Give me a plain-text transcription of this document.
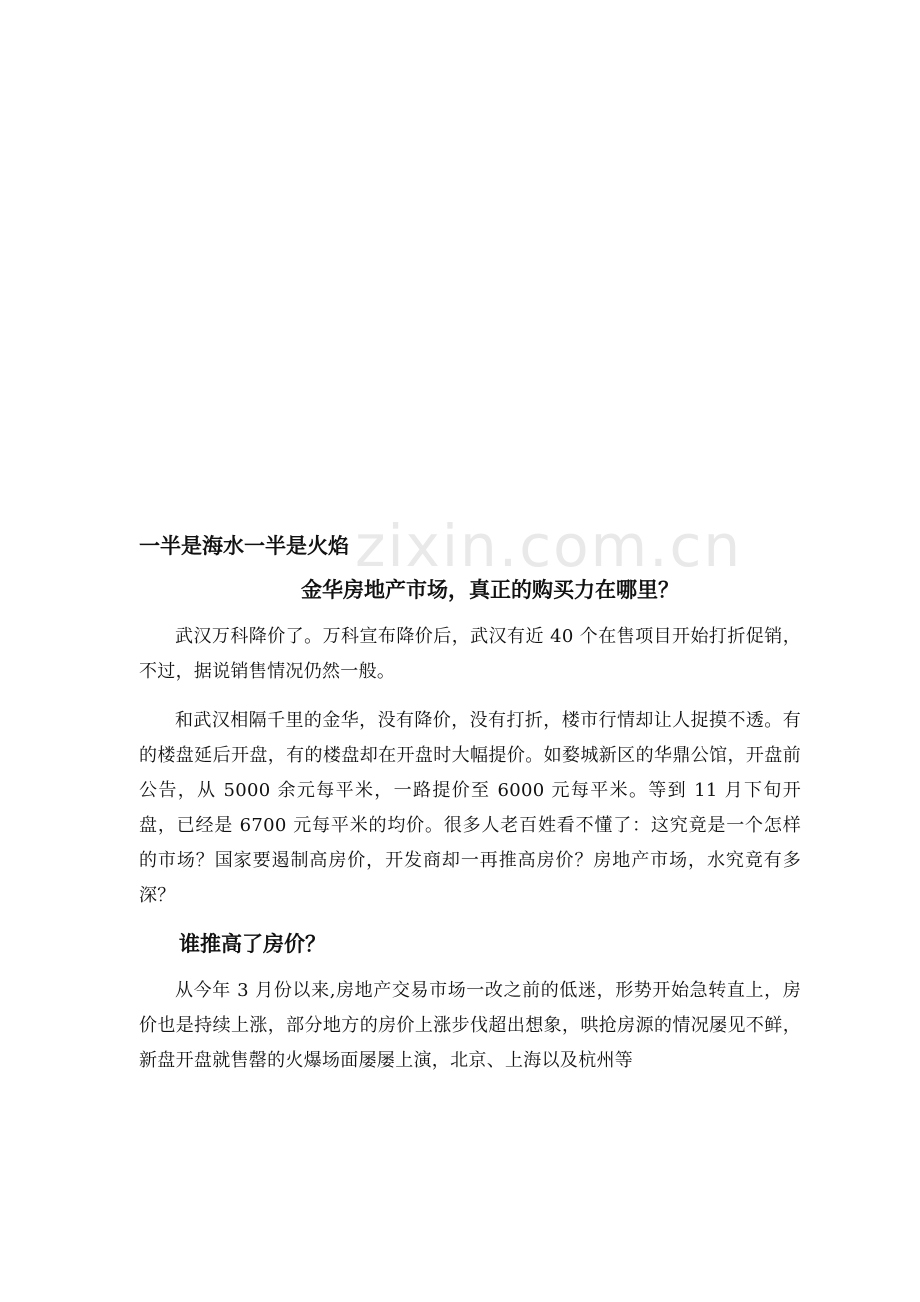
zixin.com.cn
一半是海水一半是火焰
金华房地产市场，真正的购买力在哪里？

武汉万科降价了。万科宣布降价后，武汉有近 40 个在售项目开始打折促销，不过，据说销售情况仍然一般。

和武汉相隔千里的金华，没有降价，没有打折，楼市行情却让人捉摸不透。有的楼盘延后开盘，有的楼盘却在开盘时大幅提价。如婺城新区的华鼎公馆，开盘前公告，从 5000 余元每平米，一路提价至 6000 元每平米。等到 11 月下旬开盘，已经是 6700 元每平米的均价。很多人老百姓看不懂了：这究竟是一个怎样的市场？国家要遏制高房价，开发商却一再推高房价？房地产市场，水究竟有多深？

谁推高了房价？

从今年 3 月份以来,房地产交易市场一改之前的低迷，形势开始急转直上，房价也是持续上涨，部分地方的房价上涨步伐超出想象，哄抢房源的情况屡见不鲜，新盘开盘就售罄的火爆场面屡屡上演，北京、上海以及杭州等
